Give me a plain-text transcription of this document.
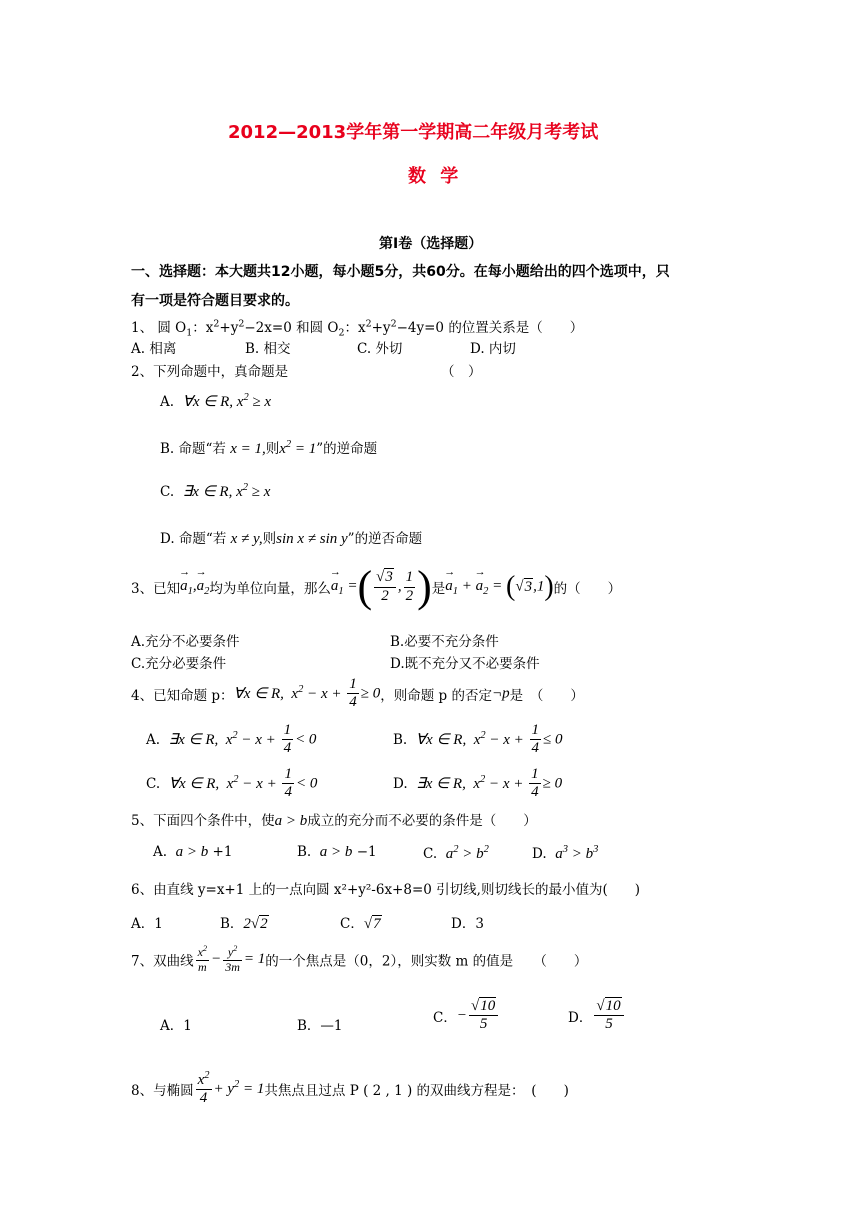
2012—2013学年第一学期高二年级月考考试
数 学
第Ⅰ卷（选择题）
一、选择题：本大题共12小题，每小题5分，共60分。在每小题给出的四个选项中，只
有一项是符合题目要求的。
1、 圆 $O_1$：$x^2+y^2-2x=0$ 和圆 $O_2$：$x^2+y^2-4y=0$ 的位置关系是（　　）
A. 相离	B. 相交	C. 外切	D. 内切
2、下列命题中，真命题是	（　）
A.  ∀x ∈ R, $x^2 \ge x$
B. 命题“若 x = 1,则$x^2 = 1$”的逆命题
C.  ∃x ∈ R, $x^2 \ge x$
D. 命题“若 x ≠ y,则sin x ≠ sin y”的逆否命题
3、已知→ $a_1,\to a_2$均为单位向量，那么→ $a_1$ =( $\frac{√3}{2}$ , $\frac{1}{2}$ )是→ $a_1$ + → $a_2 = (√3,1)$的（　　）
A.充分不必要条件	B.必要不充分条件
C.充分必要条件	D.既不充分又不必要条件
4、已知命题 p：∀x ∈ R,  $x^2 - x + \frac{1}{4} \ge 0$，则命题 p 的否定¬p是　（　　）
A.  ∃x ∈ R,  $x^2 - x + \frac{1}{4} < 0$	B.  ∀x ∈ R,  $x^2 - x + \frac{1}{4} \le 0$
C.  ∀x ∈ R,  $x^2 - x + \frac{1}{4} < 0$	D.  ∃x ∈ R,  $x^2 - x + \frac{1}{4} \ge 0$
5、下面四个条件中，使a > b成立的充分而不必要的条件是（　　）
A.  a > b +1	B.  a > b −1	C.  $a^2 > b^2$	D.  $a^3 > b^3$
6、由直线 y=x+1 上的一点向圆 x²+y²-6x+8=0 引切线,则切线长的最小值为(　　)
A．1	B．2√2	C．√7	D．3
7、双曲线 $\frac{x^2}{m} - \frac{y^2}{3m} = 1$的一个焦点是（0，2），则实数 m 的值是　　（　　）
A．1	B．—1
C．− $\frac{√10}{5}$	D． $\frac{√10}{5}$
8、与椭圆 $\frac{x^2}{4} + y^2 = 1$共焦点且过点 P ( 2 , 1 ) 的双曲线方程是：　(　　)
